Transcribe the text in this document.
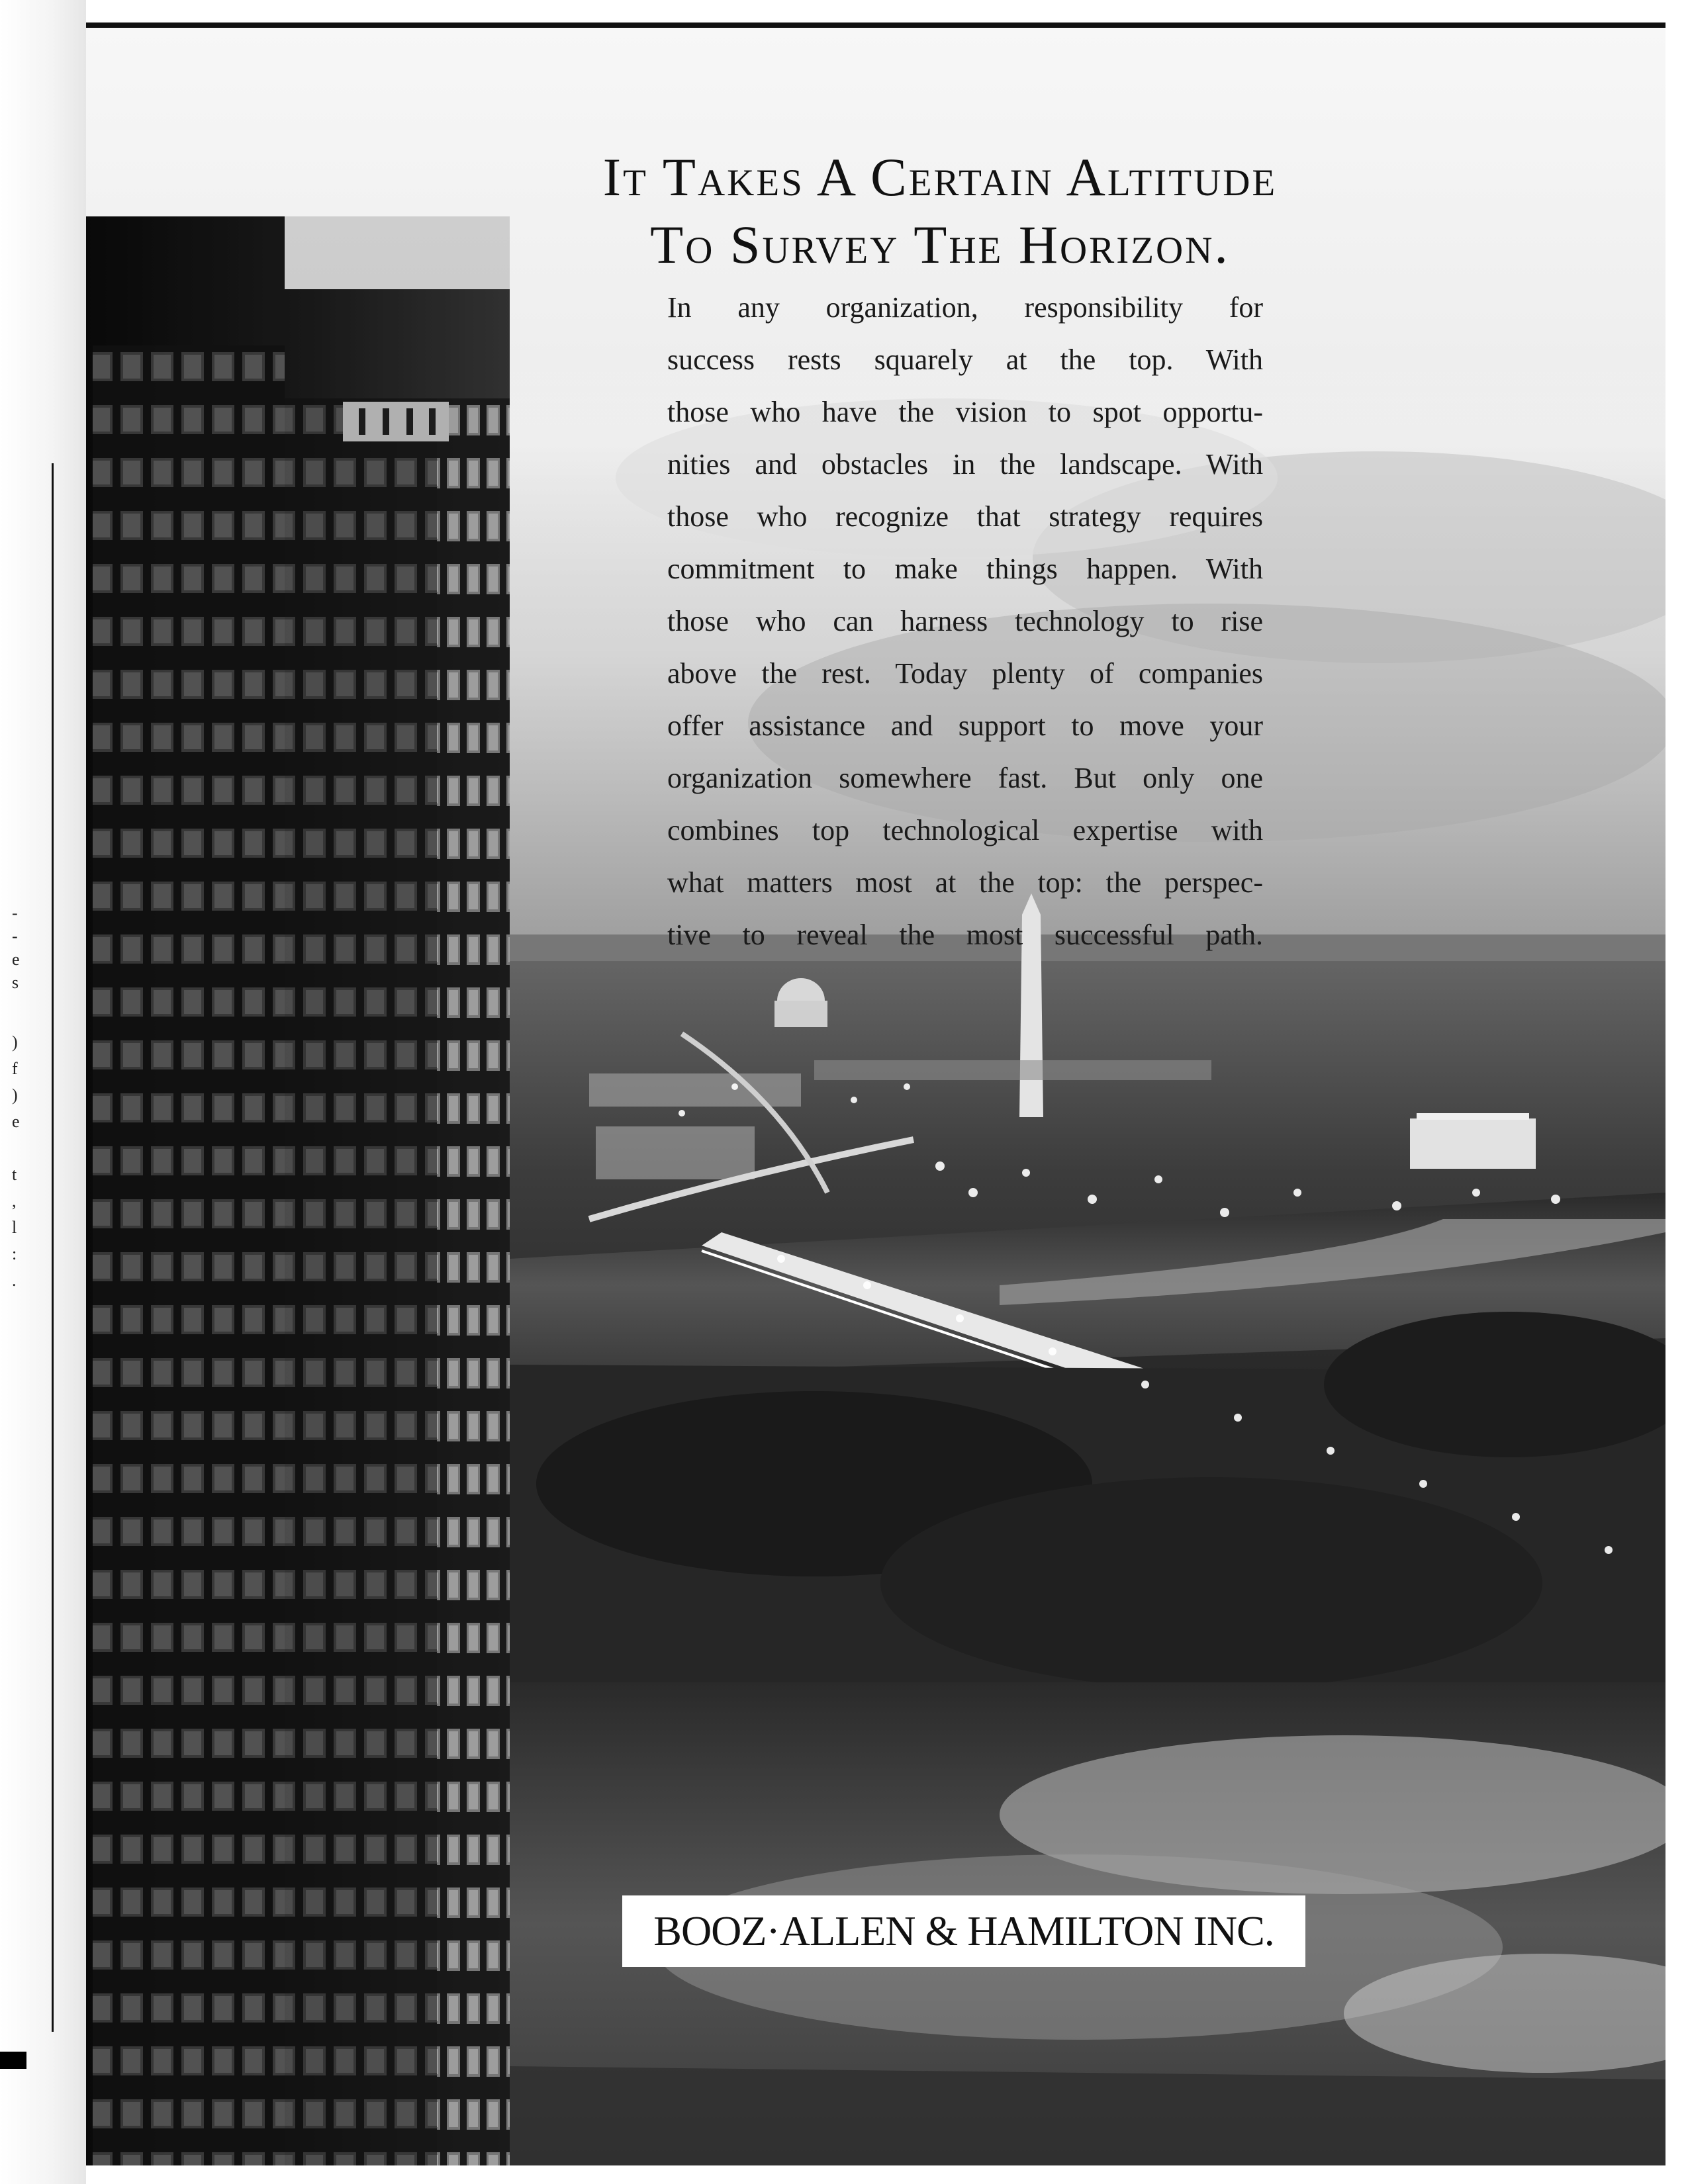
-
-
e
s
)
f
)
e
t
,
l
:
.
It Takes A Certain Altitude
To Survey The Horizon.
In any organization, responsibility for
success rests squarely at the top. With
those who have the vision to spot opportu-
nities and obstacles in the landscape. With
those who recognize that strategy requires
commitment to make things happen. With
those who can harness technology to rise
above the rest. Today plenty of companies
offer assistance and support to move your
organization somewhere fast. But only one
combines top technological expertise with
what matters most at the top: the perspec-
tive to reveal the most successful path.
BOOZ·ALLEN & HAMILTON INC.
